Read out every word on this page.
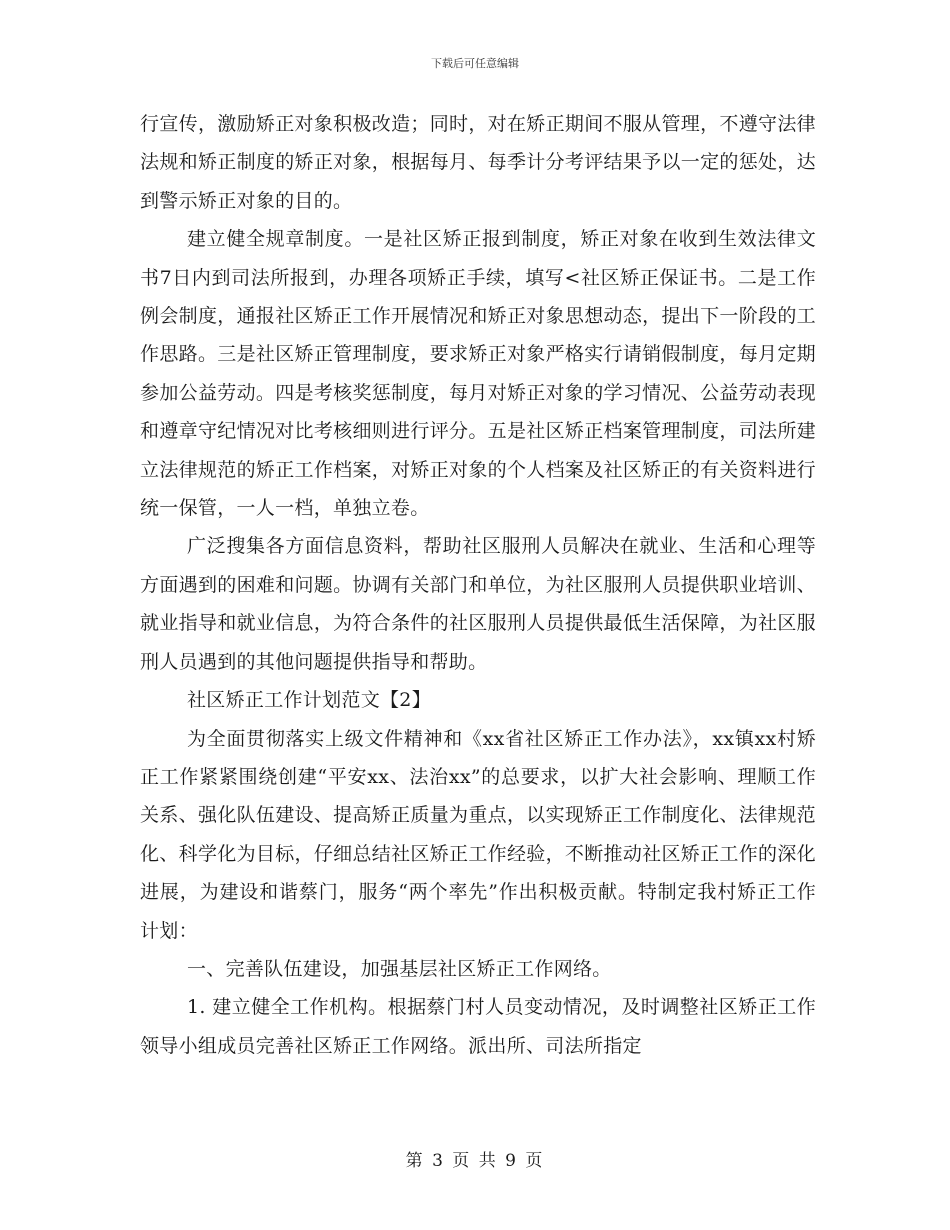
下载后可任意编辑

行宣传，激励矫正对象积极改造；同时，对在矫正期间不服从管理，不遵守法律法规和矫正制度的矫正对象，根据每月、每季计分考评结果予以一定的惩处，达到警示矫正对象的目的。

建立健全规章制度。一是社区矫正报到制度，矫正对象在收到生效法律文书7日内到司法所报到，办理各项矫正手续，填写<社区矫正保证书。二是工作例会制度，通报社区矫正工作开展情况和矫正对象思想动态，提出下一阶段的工作思路。三是社区矫正管理制度，要求矫正对象严格实行请销假制度，每月定期参加公益劳动。四是考核奖惩制度，每月对矫正对象的学习情况、公益劳动表现和遵章守纪情况对比考核细则进行评分。五是社区矫正档案管理制度，司法所建立法律规范的矫正工作档案，对矫正对象的个人档案及社区矫正的有关资料进行统一保管，一人一档，单独立卷。

广泛搜集各方面信息资料，帮助社区服刑人员解决在就业、生活和心理等方面遇到的困难和问题。协调有关部门和单位，为社区服刑人员提供职业培训、就业指导和就业信息，为符合条件的社区服刑人员提供最低生活保障，为社区服刑人员遇到的其他问题提供指导和帮助。

社区矫正工作计划范文【2】

为全面贯彻落实上级文件精神和《xx省社区矫正工作办法》，xx镇xx村矫正工作紧紧围绕创建“平安xx、法治xx”的总要求，以扩大社会影响、理顺工作关系、强化队伍建设、提高矫正质量为重点，以实现矫正工作制度化、法律规范化、科学化为目标，仔细总结社区矫正工作经验，不断推动社区矫正工作的深化进展，为建设和谐蔡门，服务“两个率先”作出积极贡献。特制定我村矫正工作计划：

一、完善队伍建设，加强基层社区矫正工作网络。

1. 建立健全工作机构。根据蔡门村人员变动情况，及时调整社区矫正工作领导小组成员完善社区矫正工作网络。派出所、司法所指定

第 3 页 共 9 页
